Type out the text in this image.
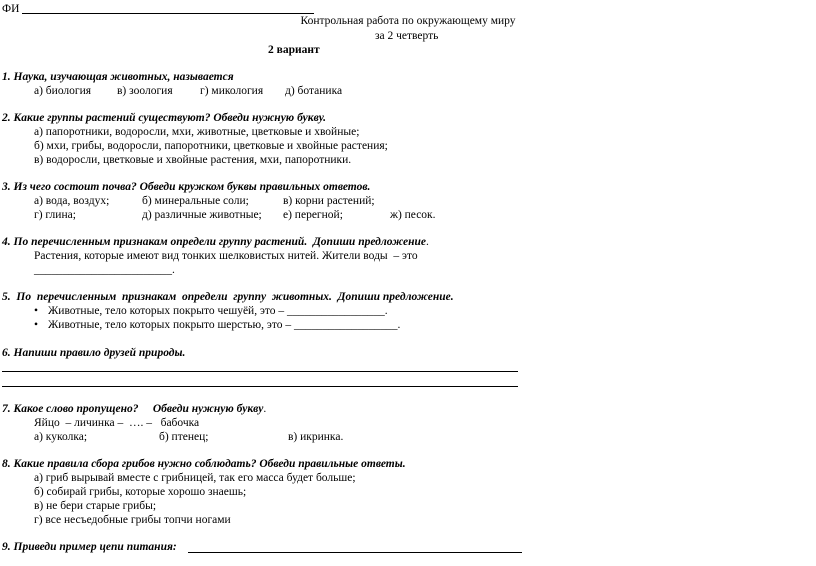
ФИ
Контрольная работа по окружающему миру
за 2 четверть
2 вариант
1. Наука, изучающая животных, называется
а) биология в) зоология г) микология д) ботаника
2. Какие группы растений существуют? Обведи нужную букву.
а) папоротники, водоросли, мхи, животные, цветковые и хвойные;
б) мхи, грибы, водоросли, папоротники, цветковые и хвойные растения;
в) водоросли, цветковые и хвойные растения, мхи, папоротники.
3. Из чего состоит почва? Обведи кружком буквы правильных ответов.
а) вода, воздух;	б) минеральные соли;	в) корни растений;
г) глина;	д) различные животные; е) перегной;	ж) песок.
4. По перечисленным признакам определи группу растений.  Допиши предложение.
Растения, которые имеют вид тонких шелковистых нитей. Жители воды  – это
________________________.
5.  По  перечисленным  признакам  определи  группу  животных.  Допиши предложение.
• Животные, тело которых покрыто чешуёй, это – _________________.
• Животные, тело которых покрыто шерстью, это – __________________.
6. Напиши правило друзей природы.
7. Какое слово пропущено?     Обведи нужную букву.
Яйцо  – личинка –  …. –   бабочка
а) куколка;	б) птенец;	в) икринка.
8. Какие правила сбора грибов нужно соблюдать? Обведи правильные ответы.
а) гриб вырывай вместе с грибницей, так его масса будет больше;
б) собирай грибы, которые хорошо знаешь;
в) не бери старые грибы;
г) все несъедобные грибы топчи ногами
9. Приведи пример цепи питания:
